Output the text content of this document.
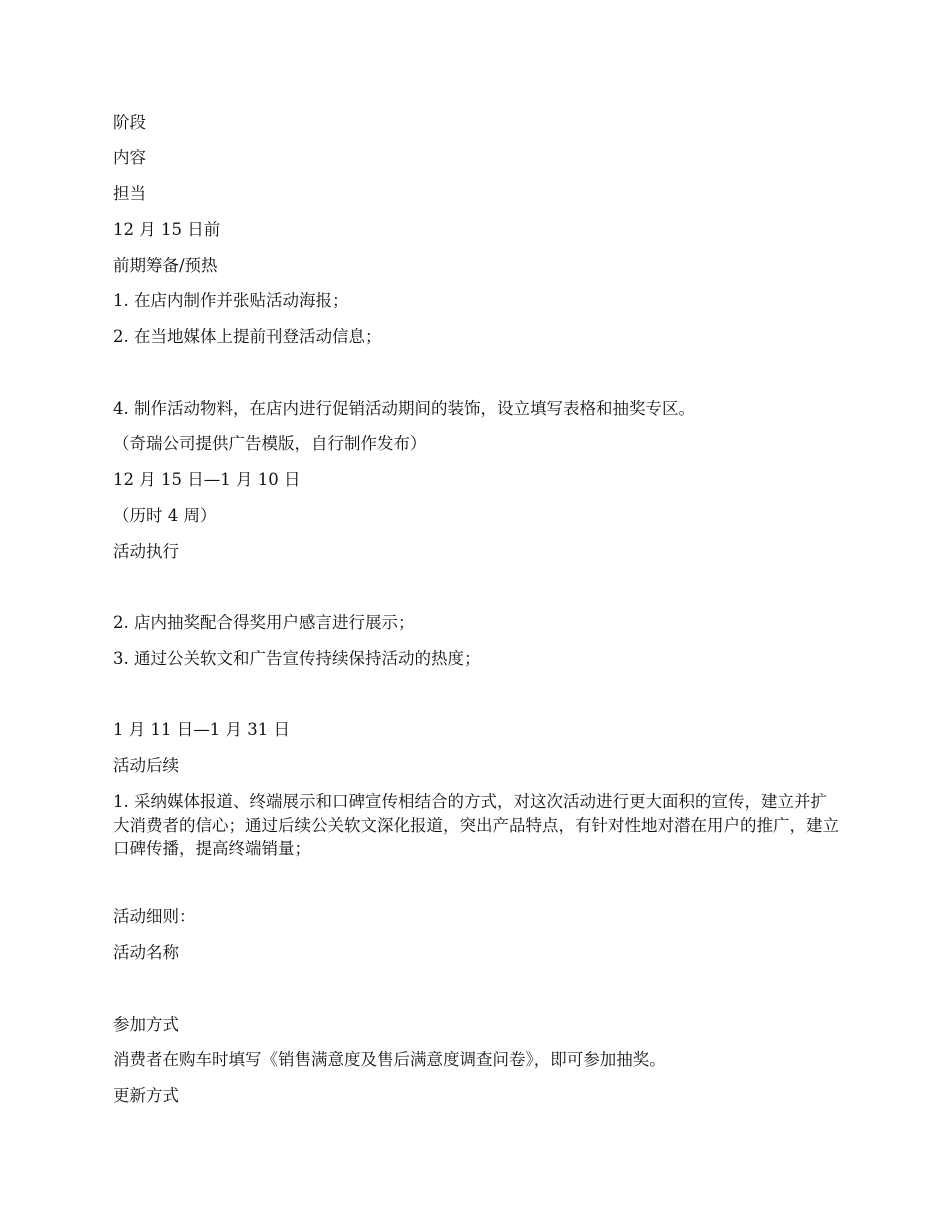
阶段
内容
担当
12 月 15 日前
前期筹备/预热
1. 在店内制作并张贴活动海报；
2. 在当地媒体上提前刊登活动信息；
4. 制作活动物料，在店内进行促销活动期间的装饰，设立填写表格和抽奖专区。
（奇瑞公司提供广告模版，自行制作发布）
12 月 15 日—1 月 10 日
（历时 4 周）
活动执行
2. 店内抽奖配合得奖用户感言进行展示；
3. 通过公关软文和广告宣传持续保持活动的热度；
1 月 11 日—1 月 31 日
活动后续
1. 采纳媒体报道、终端展示和口碑宣传相结合的方式，对这次活动进行更大面积的宣传，建立并扩大消费者的信心；通过后续公关软文深化报道，突出产品特点，有针对性地对潜在用户的推广，建立口碑传播，提高终端销量；
活动细则：
活动名称
参加方式
消费者在购车时填写《销售满意度及售后满意度调查问卷》，即可参加抽奖。
更新方式
